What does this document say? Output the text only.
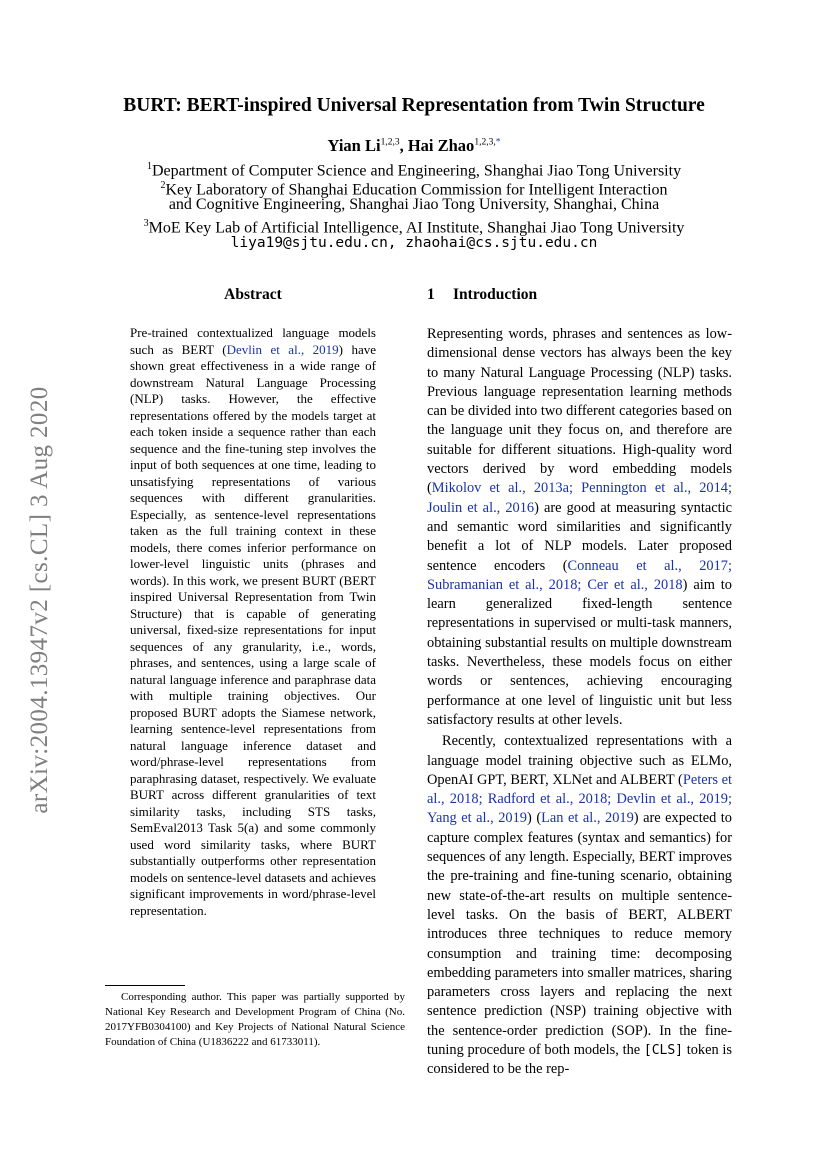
arXiv:2004.13947v2 [cs.CL] 3 Aug 2020
BURT: BERT-inspired Universal Representation from Twin Structure
Yian Li$^{1,2,3}$, Hai Zhao$^{1,2,3,*}$
$^1$Department of Computer Science and Engineering, Shanghai Jiao Tong University
$^2$Key Laboratory of Shanghai Education Commission for Intelligent Interaction
and Cognitive Engineering, Shanghai Jiao Tong University, Shanghai, China
$^3$MoE Key Lab of Artificial Intelligence, AI Institute, Shanghai Jiao Tong University
liya19@sjtu.edu.cn, zhaohai@cs.sjtu.edu.cn
Abstract
Pre-trained contextualized language models such as BERT (Devlin et al., 2019) have shown great effectiveness in a wide range of downstream Natural Language Processing (NLP) tasks. However, the effective representations offered by the models target at each token inside a sequence rather than each sequence and the fine-tuning step involves the input of both sequences at one time, leading to unsatisfying representations of various sequences with different granularities. Especially, as sentence-level representations taken as the full training context in these models, there comes inferior performance on lower-level linguistic units (phrases and words). In this work, we present BURT (BERT inspired Universal Representation from Twin Structure) that is capable of generating universal, fixed-size representations for input sequences of any granularity, i.e., words, phrases, and sentences, using a large scale of natural language inference and paraphrase data with multiple training objectives. Our proposed BURT adopts the Siamese network, learning sentence-level representations from natural language inference dataset and word/phrase-level representations from paraphrasing dataset, respectively. We evaluate BURT across different granularities of text similarity tasks, including STS tasks, SemEval2013 Task 5(a) and some commonly used word similarity tasks, where BURT substantially outperforms other representation models on sentence-level datasets and achieves significant improvements in word/phrase-level representation.
Corresponding author. This paper was partially supported by National Key Research and Development Program of China (No. 2017YFB0304100) and Key Projects of National Natural Science Foundation of China (U1836222 and 61733011).
1 Introduction

Representing words, phrases and sentences as low-dimensional dense vectors has always been the key to many Natural Language Processing (NLP) tasks. Previous language representation learning methods can be divided into two different categories based on the language unit they focus on, and therefore are suitable for different situations. High-quality word vectors derived by word embedding models (Mikolov et al., 2013a; Pennington et al., 2014; Joulin et al., 2016) are good at measuring syntactic and semantic word similarities and significantly benefit a lot of NLP models. Later proposed sentence encoders (Conneau et al., 2017; Subramanian et al., 2018; Cer et al., 2018) aim to learn generalized fixed-length sentence representations in supervised or multi-task manners, obtaining substantial results on multiple downstream tasks. Nevertheless, these models focus on either words or sentences, achieving encouraging performance at one level of linguistic unit but less satisfactory results at other levels.

Recently, contextualized representations with a language model training objective such as ELMo, OpenAI GPT, BERT, XLNet and ALBERT (Peters et al., 2018; Radford et al., 2018; Devlin et al., 2019; Yang et al., 2019) (Lan et al., 2019) are expected to capture complex features (syntax and semantics) for sequences of any length. Especially, BERT improves the pre-training and fine-tuning scenario, obtaining new state-of-the-art results on multiple sentence-level tasks. On the basis of BERT, ALBERT introduces three techniques to reduce memory consumption and training time: decomposing embedding parameters into smaller matrices, sharing parameters cross layers and replacing the next sentence prediction (NSP) training objective with the sentence-order prediction (SOP). In the fine-tuning procedure of both models, the [CLS] token is considered to be the rep-
